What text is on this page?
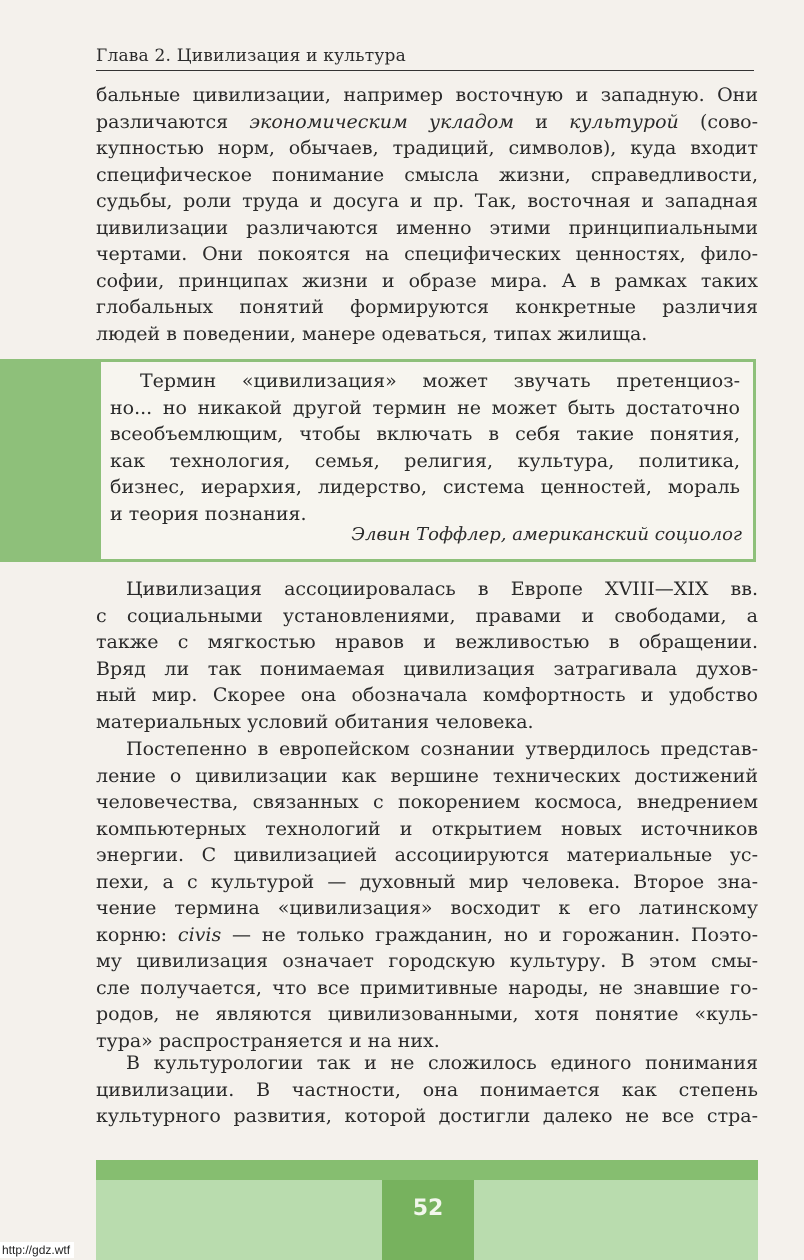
Глава 2. Цивилизация и культура
бальные цивилизации, например восточную и западную. Они
различаются экономическим укладом и культурой (сово-
купностью норм, обычаев, традиций, символов), куда входит
специфическое понимание смысла жизни, справедливости,
судьбы, роли труда и досуга и пр. Так, восточная и западная
цивилизации различаются именно этими принципиальными
чертами. Они покоятся на специфических ценностях, фило-
софии, принципах жизни и образе мира. А в рамках таких
глобальных понятий формируются конкретные различия
людей в поведении, манере одеваться, типах жилища.
Термин «цивилизация» может звучать претенциоз-
но... но никакой другой термин не может быть достаточно
всеобъемлющим, чтобы включать в себя такие понятия,
как технология, семья, религия, культура, политика,
бизнес, иерархия, лидерство, система ценностей, мораль
и теория познания.
Элвин Тоффлер, американский социолог
Цивилизация ассоциировалась в Европе XVIII—XIX вв.
с социальными установлениями, правами и свободами, а
также с мягкостью нравов и вежливостью в обращении.
Вряд ли так понимаемая цивилизация затрагивала духов-
ный мир. Скорее она обозначала комфортность и удобство
материальных условий обитания человека.
Постепенно в европейском сознании утвердилось представ-
ление о цивилизации как вершине технических достижений
человечества, связанных с покорением космоса, внедрением
компьютерных технологий и открытием новых источников
энергии. С цивилизацией ассоциируются материальные ус-
пехи, а с культурой — духовный мир человека. Второе зна-
чение термина «цивилизация» восходит к его латинскому
корню: civis — не только гражданин, но и горожанин. Поэто-
му цивилизация означает городскую культуру. В этом смы-
сле получается, что все примитивные народы, не знавшие го-
родов, не являются цивилизованными, хотя понятие «куль-
тура» распространяется и на них.
В культурологии так и не сложилось единого понимания
цивилизации. В частности, она понимается как степень
культурного развития, которой достигли далеко не все стра-
52
http://gdz.wtf
